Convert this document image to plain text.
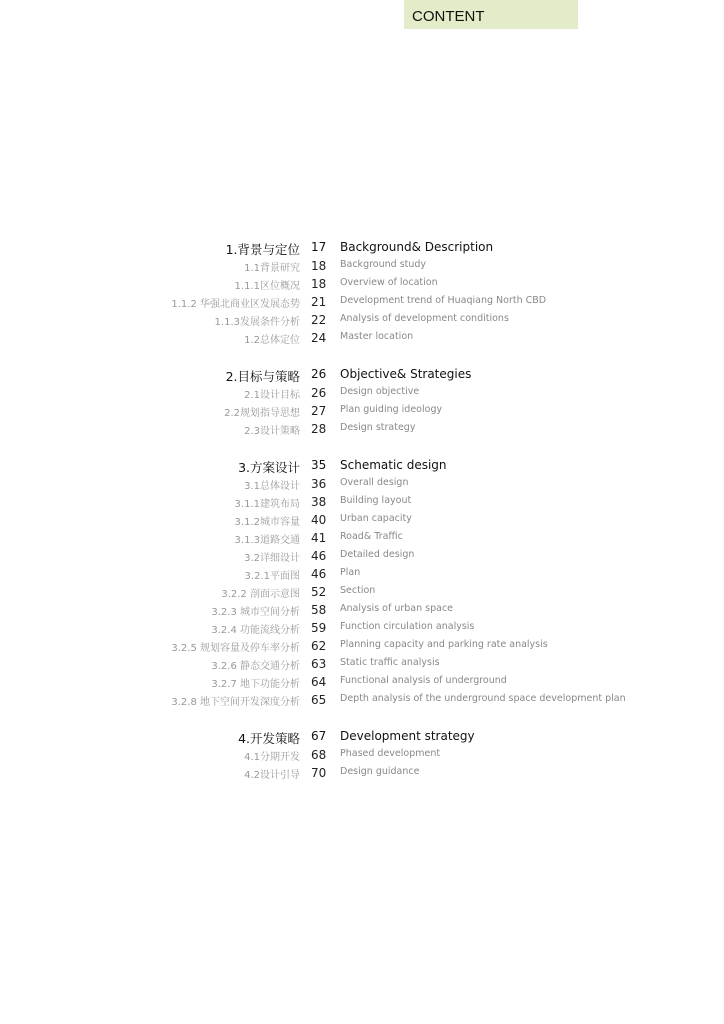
CONTENT
1.背景与定位 17 Background& Description
1.1背景研究 18 Background study
1.1.1区位概况 18 Overview of location
1.1.2 华强北商业区发展态势 21 Development trend of Huaqiang North CBD
1.1.3发展条件分析 22 Analysis of development conditions
1.2总体定位 24 Master location
2.目标与策略 26 Objective& Strategies
2.1设计目标 26 Design objective
2.2规划指导思想 27 Plan guiding ideology
2.3设计策略 28 Design strategy
3.方案设计 35 Schematic design
3.1总体设计 36 Overall design
3.1.1建筑布局 38 Building layout
3.1.2城市容量 40 Urban capacity
3.1.3道路交通 41 Road& Traffic
3.2详细设计 46 Detailed design
3.2.1平面图 46 Plan
3.2.2 剖面示意图 52 Section
3.2.3 城市空间分析 58 Analysis of urban space
3.2.4 功能流线分析 59 Function circulation analysis
3.2.5 规划容量及停车率分析 62 Planning capacity and parking rate analysis
3.2.6 静态交通分析 63 Static traffic analysis
3.2.7 地下功能分析 64 Functional analysis of underground
3.2.8 地下空间开发深度分析 65 Depth analysis of the underground space development plan
4.开发策略 67 Development strategy
4.1分期开发 68 Phased development
4.2设计引导 70 Design guidance
